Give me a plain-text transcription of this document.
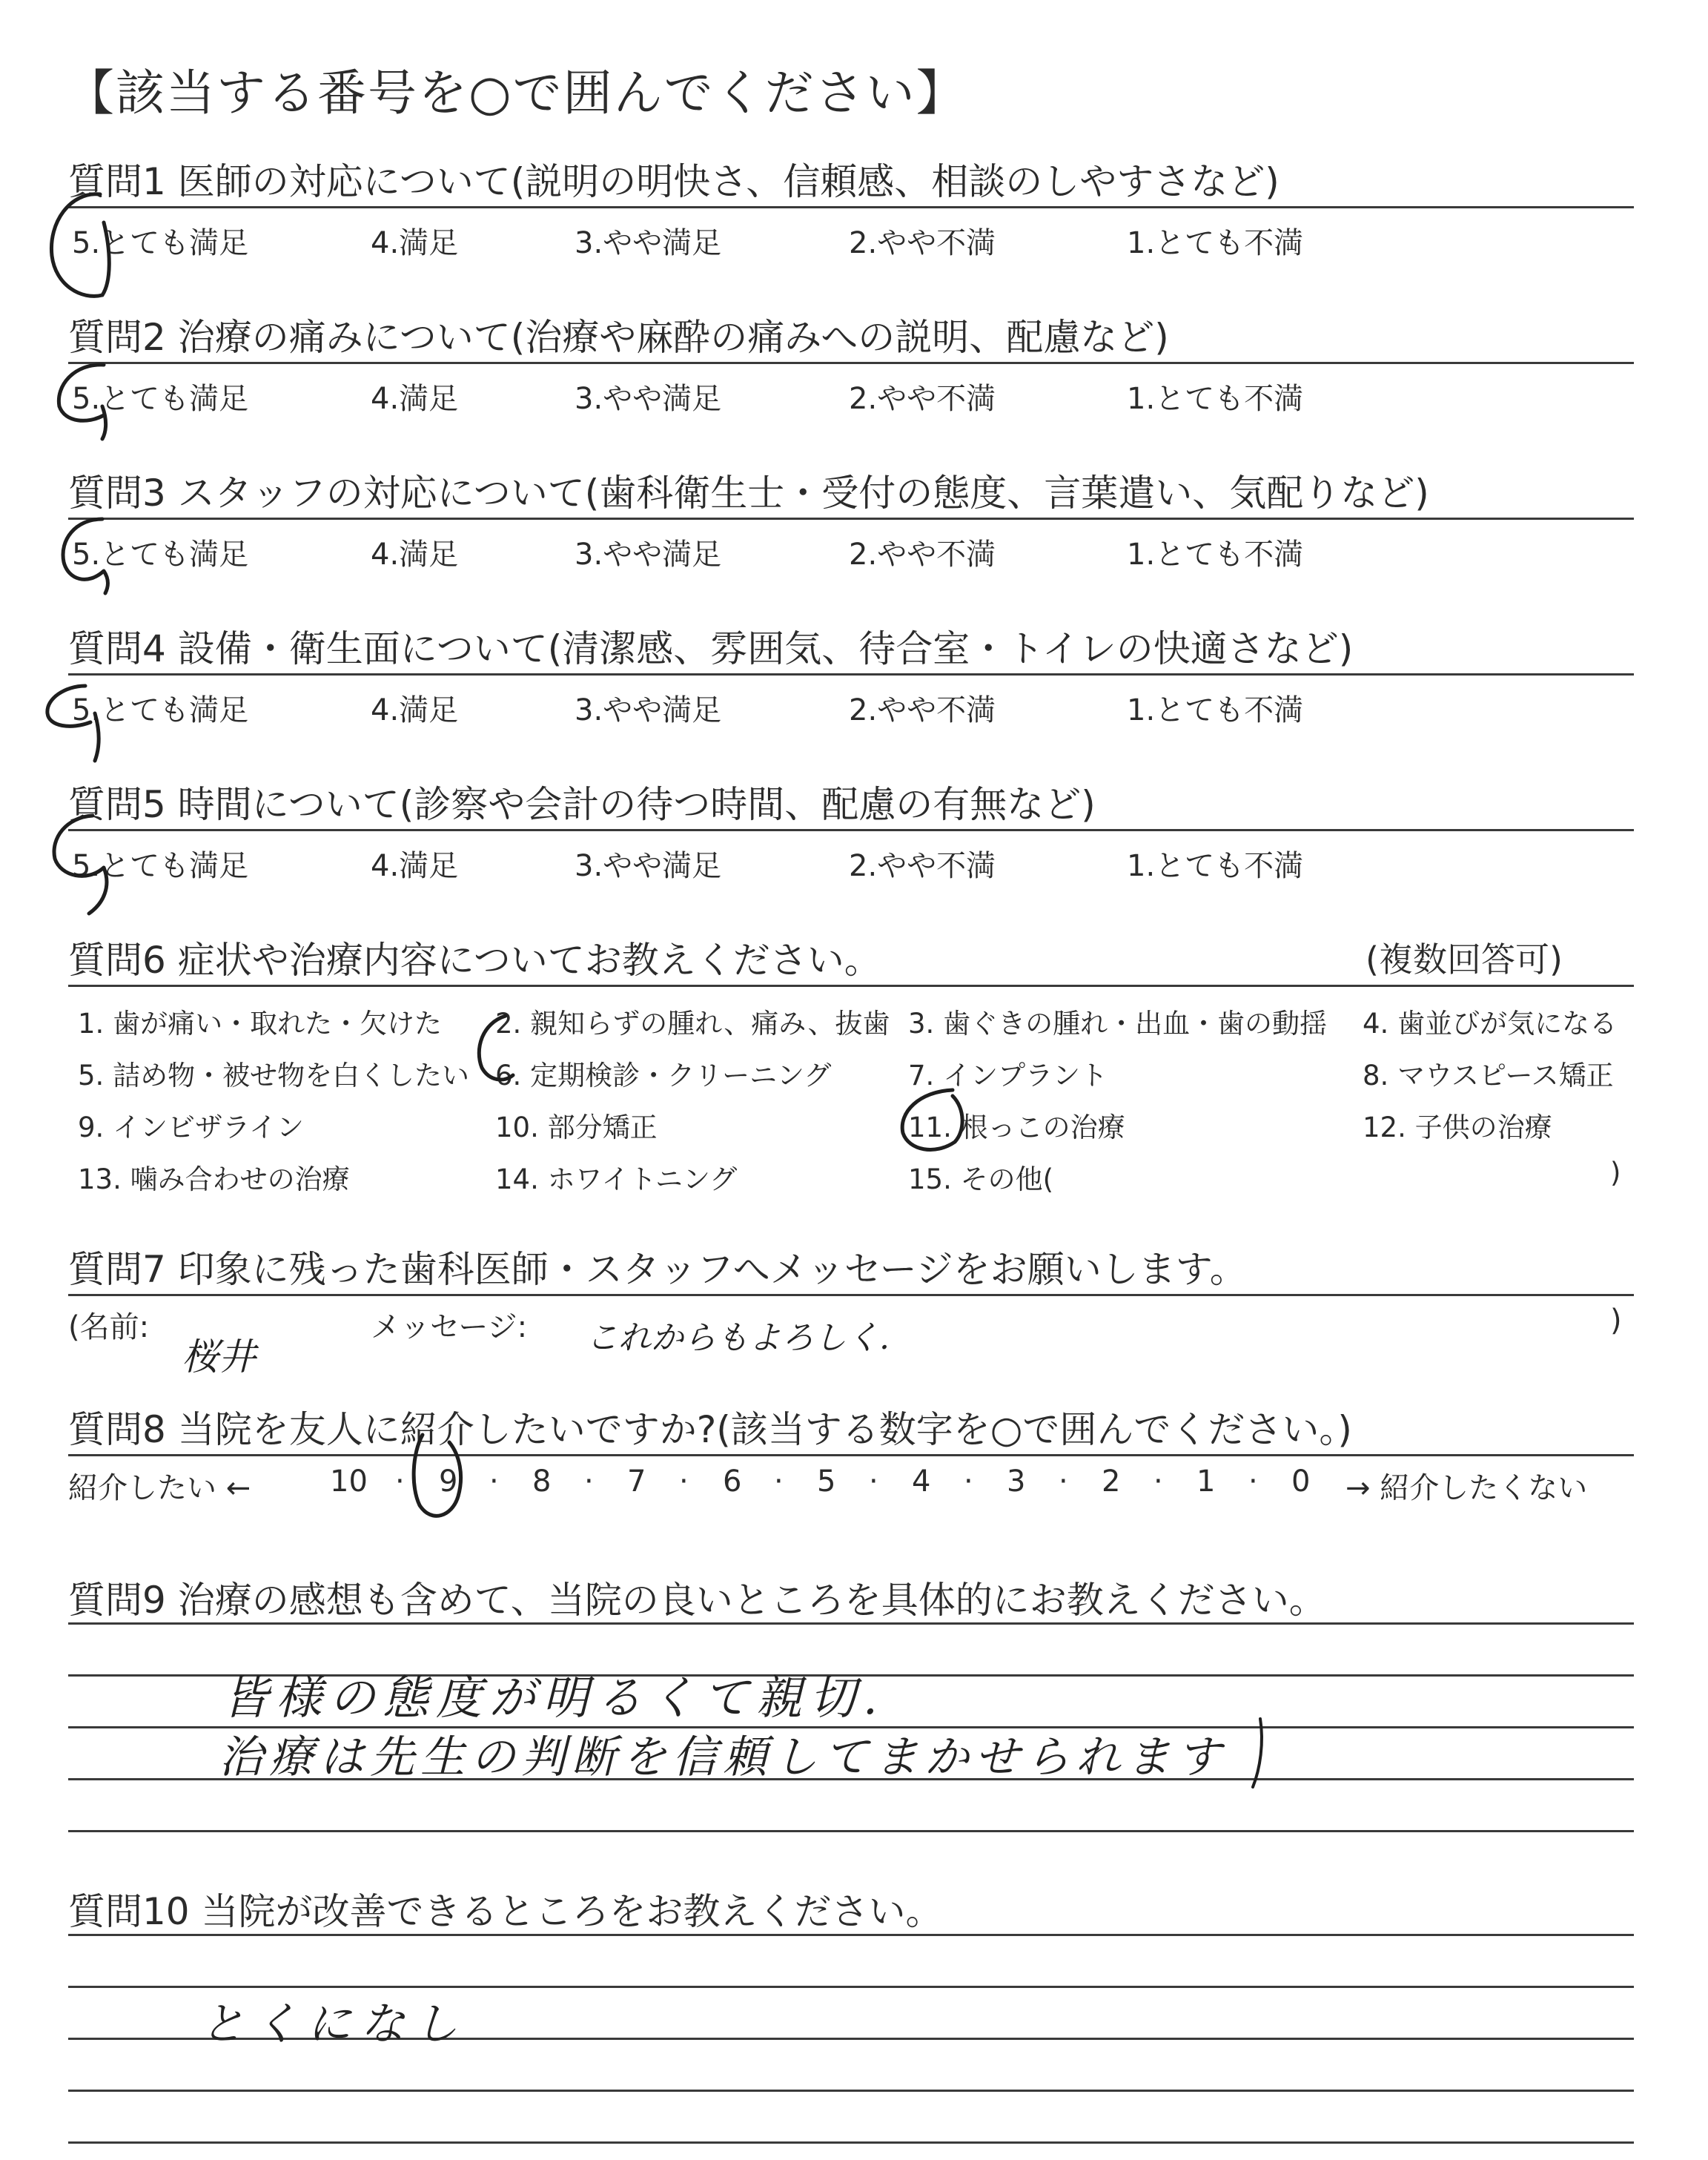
【該当する番号を○で囲んでください】
質問1 医師の対応について(説明の明快さ、信頼感、相談のしやすさなど)
5.とても満足	4.満足	3.やや満足	2.やや不満	1.とても不満
質問2 治療の痛みについて(治療や麻酔の痛みへの説明、配慮など)
5.とても満足	4.満足	3.やや満足	2.やや不満	1.とても不満
質問3 スタッフの対応について(歯科衛生士・受付の態度、言葉遣い、気配りなど)
5.とても満足	4.満足	3.やや満足	2.やや不満	1.とても不満
質問4 設備・衛生面について(清潔感、雰囲気、待合室・トイレの快適さなど)
5.とても満足	4.満足	3.やや満足	2.やや不満	1.とても不満
質問5 時間について(診察や会計の待つ時間、配慮の有無など)
5.とても満足	4.満足	3.やや満足	2.やや不満	1.とても不満
質問6 症状や治療内容についてお教えください。	(複数回答可)
1. 歯が痛い・取れた・欠けた 2. 親知らずの腫れ、痛み、抜歯 3. 歯ぐきの腫れ・出血・歯の動揺 4. 歯並びが気になる
5. 詰め物・被せ物を白くしたい 6. 定期検診・クリーニング	7. インプラント	8. マウスピース矯正
9. インビザライン	10. 部分矯正	11. 根っこの治療	12. 子供の治療
13. 噛み合わせの治療	14. ホワイトニング	15. その他(	)
質問7 印象に残った歯科医師・スタッフへメッセージをお願いします。
(名前:
桜井
メッセージ: これからもよろしく.	)
質問8 当院を友人に紹介したいですか?(該当する数字を○で囲んでください。)
紹介したい ←	10 9	8	7	6	5	4	3	2	1	0 → 紹介したくない
·	·	·	·	·	·	·	·	·	·
質問9 治療の感想も含めて、当院の良いところを具体的にお教えください。
皆様の態度が明るくて親切.
治療は先生の判断を信頼してまかせられます
質問10 当院が改善できるところをお教えください。
とくになし
